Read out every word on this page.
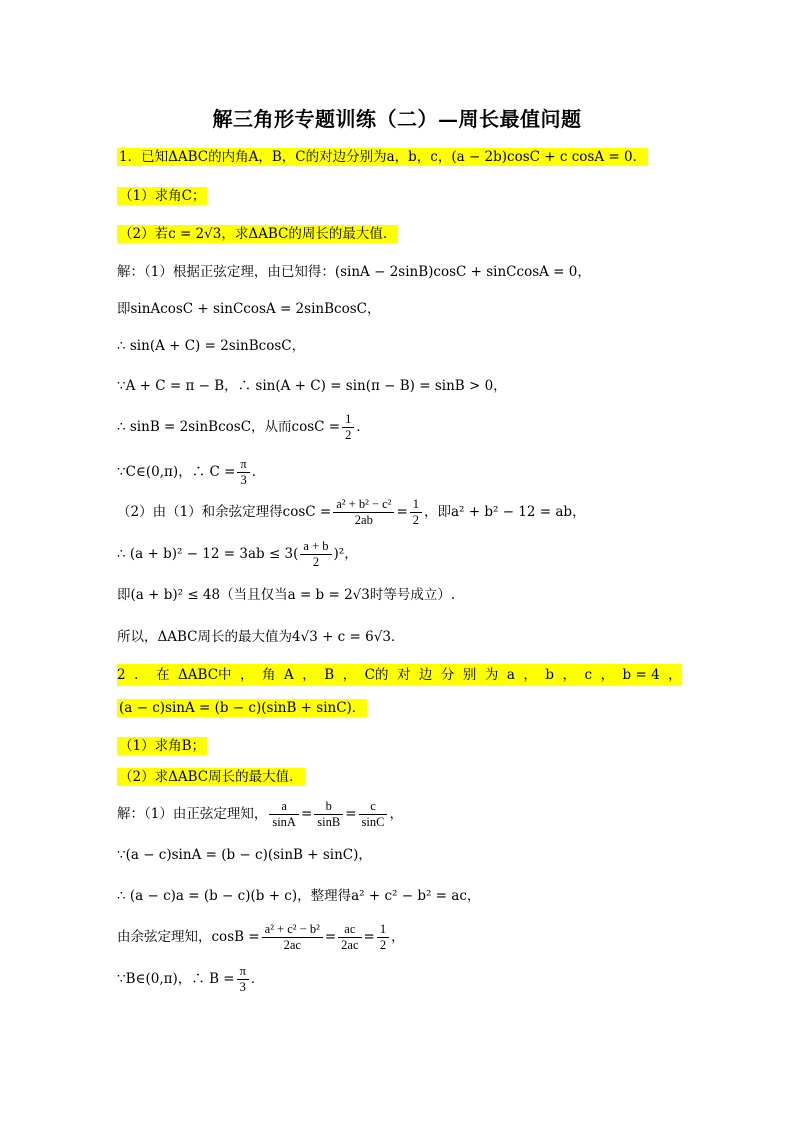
解三角形专题训练（二）—周长最值问题
1．已知ΔABC的内角A，B，C的对边分别为a，b，c，(a − 2b)cosC + c cosA = 0．
（1）求角C；
（2）若c = 2√3，求ΔABC的周长的最大值．
解：（1）根据正弦定理，由已知得：(sinA − 2sinB)cosC + sinCcosA = 0，
即sinAcosC + sinCcosA = 2sinBcosC，
∴ sin(A + C) = 2sinBcosC，
∵A + C = π − B，∴ sin(A + C) = sin(π − B) = sinB > 0，
∴ sinB = 2sinBcosC，从而$\cos C = \frac{1}{2}$ ．
∵C∈(0,π)，∴ $C = \frac{\pi}{3}$ ．
（2）由（1）和余弦定理得$\cos C = \frac{\text{a² + b² − c²}}{2ab} = \frac{1}{2}$ ，即a² + b² − 12 = ab，
∴ $(a + b)^2 - 12 = 3ab \le 3( \frac{a + b}{2} )^2$，
即(a + b)² ≤ 48（当且仅当a = b = 2√3时等号成立）.
所以，ΔABC周长的最大值为4√3 + c = 6√3．
2 ． 在 ΔABC中 ， 角 A ， B ， C的 对 边 分 别 为 a ， b ， c ， b = 4 ，
(a − c)sinA = (b − c)(sinB + sinC)．
（1）求角B；
（2）求ΔABC周长的最大值．
解：（1）由正弦定理知， $\frac{a}{\sin A} = \frac{b}{\sin B} = \frac{c}{\sin C}$ ，
∵(a − c)sinA = (b − c)(sinB + sinC)，
∴ (a − c)a = (b − c)(b + c)，整理得a² + c² − b² = ac，
由余弦定理知，$\cos B = \frac{\text{a² + c² − b²}}{2ac} = \frac{ac}{2ac} = \frac{1}{2}$ ，
∵B∈(0,π)，∴ $B = \frac{\pi}{3}$ ．
